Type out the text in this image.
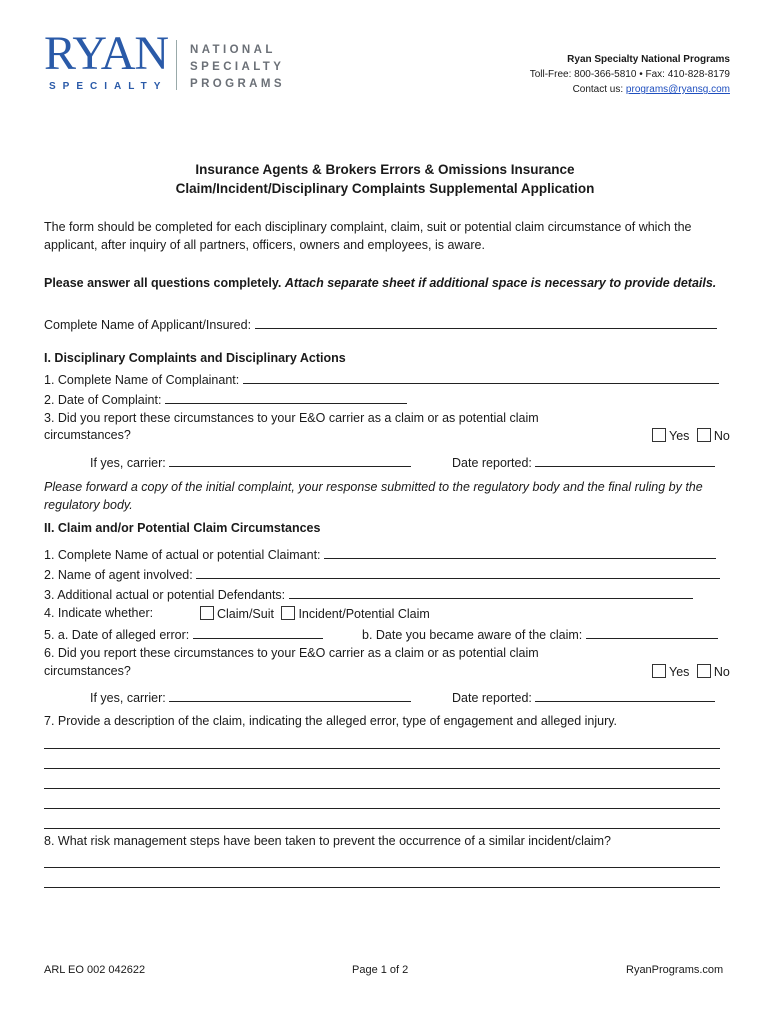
RYAN
SPECIALTY
NATIONAL
SPECIALTY
PROGRAMS
Ryan Specialty National Programs
Toll-Free: 800-366-5810 • Fax: 410-828-8179
Contact us: programs@ryansg.com
Insurance Agents & Brokers Errors & Omissions Insurance
Claim/Incident/Disciplinary Complaints Supplemental Application
The form should be completed for each disciplinary complaint, claim, suit or potential claim circumstance of which the applicant, after inquiry of all partners, officers, owners and employees, is aware.
Please answer all questions completely. Attach separate sheet if additional space is necessary to provide details.
Complete Name of Applicant/Insured:
I. Disciplinary Complaints and Disciplinary Actions
1. Complete Name of Complainant:
2. Date of Complaint:
3. Did you report these circumstances to your E&O carrier as a claim or as potential claim
circumstances?	Yes No
If yes, carrier:	Date reported:
Please forward a copy of the initial complaint, your response submitted to the regulatory body and the final ruling by the regulatory body.
II. Claim and/or Potential Claim Circumstances
1. Complete Name of actual or potential Claimant:
2. Name of agent involved:
3. Additional actual or potential Defendants:
4. Indicate whether:	Claim/Suit Incident/Potential Claim
5. a. Date of alleged error:	b. Date you became aware of the claim:
6. Did you report these circumstances to your E&O carrier as a claim or as potential claim
circumstances?	Yes No
If yes, carrier:	Date reported:
7. Provide a description of the claim, indicating the alleged error, type of engagement and alleged injury.
8. What risk management steps have been taken to prevent the occurrence of a similar incident/claim?
ARL EO 002 042622	Page 1 of 2	RyanPrograms.com
